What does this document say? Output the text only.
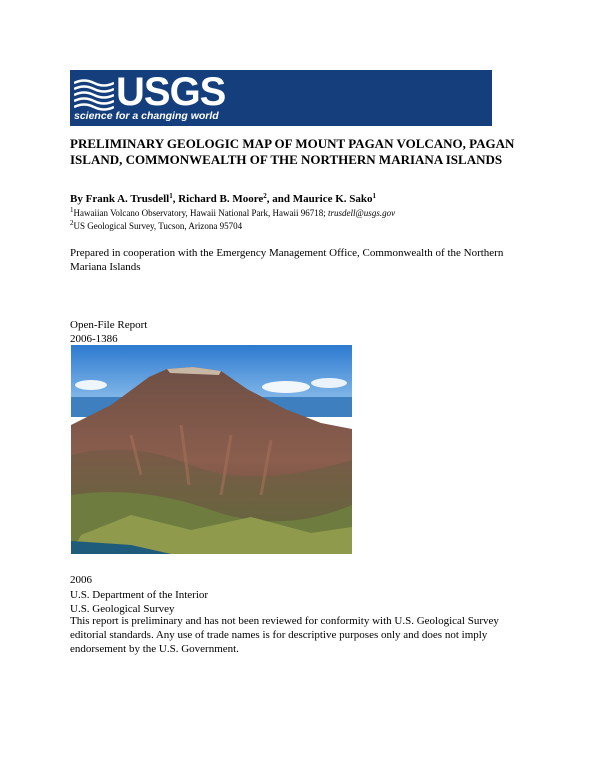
USGS
science for a changing world
PRELIMINARY GEOLOGIC MAP OF MOUNT PAGAN VOLCANO, PAGAN ISLAND, COMMONWEALTH OF THE NORTHERN MARIANA ISLANDS
By Frank A. Trusdell$^1$, Richard B. Moore$^2$, and Maurice K. Sako$^1$
$^1$Hawaiian Volcano Observatory, Hawaii National Park, Hawaii 96718; trusdell@usgs.gov
$^2$US Geological Survey, Tucson, Arizona 95704
Prepared in cooperation with the Emergency Management Office, Commonwealth of the Northern Mariana Islands
Open-File Report
2006-1386
2006
U.S. Department of the Interior
U.S. Geological Survey
This report is preliminary and has not been reviewed for conformity with U.S. Geological Survey editorial standards. Any use of trade names is for descriptive purposes only and does not imply endorsement by the U.S. Government.
